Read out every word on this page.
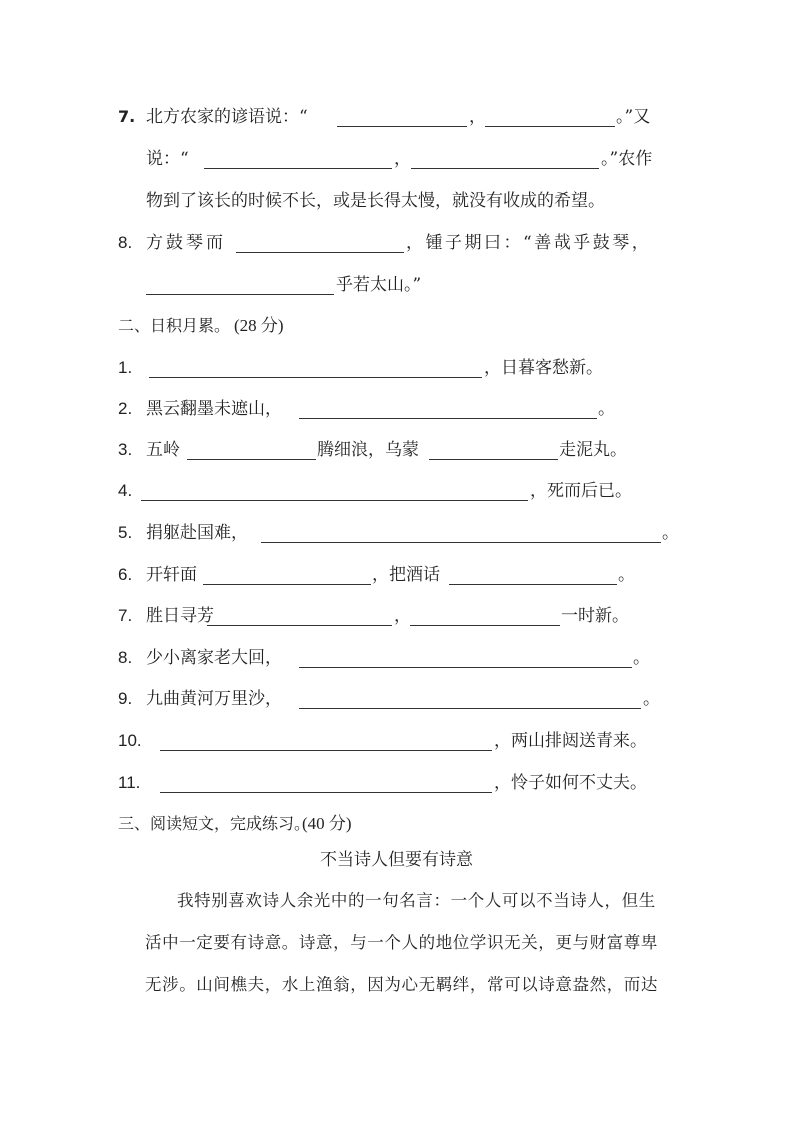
7. 北方农家的谚语说：“	，	。”又
说：“	，	。”农作
物到了该长的时候不长，或是长得太慢，就没有收成的希望。
8. 方鼓琴而	，锺子期曰：“善哉乎鼓琴，
乎若太山。”
二、日积月累。 (28 分)
1.	，日暮客愁新。
2. 黑云翻墨未遮山，	。
3. 五岭	腾细浪，乌蒙	走泥丸。
4.	，死而后已。
5. 捐躯赴国难，	。
6. 开轩面	，把酒话	。
7. 胜日寻芳	，	一时新。
8. 少小离家老大回，	。
9. 九曲黄河万里沙，	。
10.	，两山排闼送青来。
11.	，怜子如何不丈夫。
三、阅读短文，完成练习。
(40 分)
不当诗人但要有诗意
我特别喜欢诗人余光中的一句名言：一个人可以不当诗人，但生
活中一定要有诗意。诗意，与一个人的地位学识无关，更与财富尊卑
无涉。山间樵夫，水上渔翁，因为心无羁绊，常可以诗意盎然，而达
